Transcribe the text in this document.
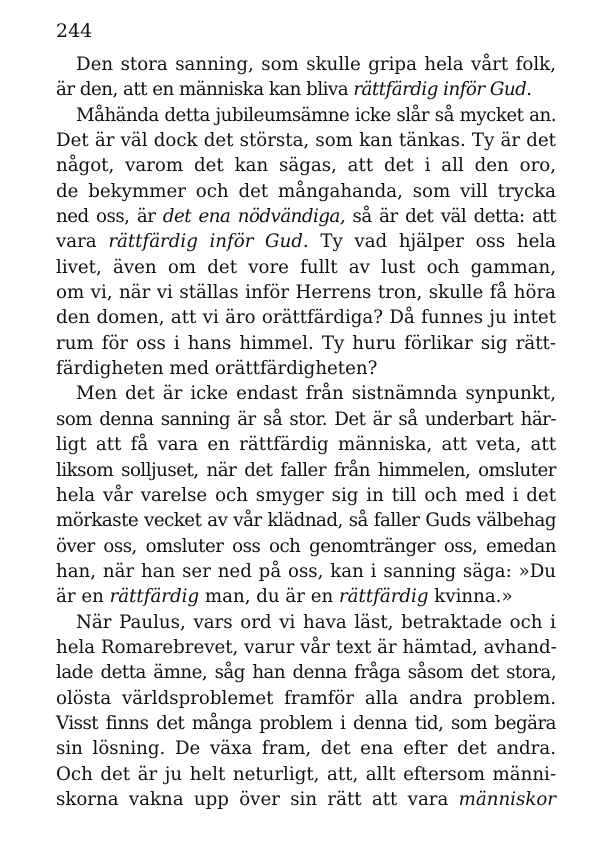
244
Den stora sanning, som skulle gripa hela vårt folk,
är den, att en människa kan bliva rättfärdig inför Gud.
Måhända detta jubileumsämne icke slår så mycket an.
Det är väl dock det största, som kan tänkas. Ty är det
något, varom det kan sägas, att det i all den oro,
de bekymmer och det mångahanda, som vill trycka
ned oss, är det ena nödvändiga, så är det väl detta: att
vara rättfärdig inför Gud. Ty vad hjälper oss hela
livet, även om det vore fullt av lust och gamman,
om vi, när vi ställas inför Herrens tron, skulle få höra
den domen, att vi äro orättfärdiga? Då funnes ju intet
rum för oss i hans himmel. Ty huru förlikar sig rätt-
färdigheten med orättfärdigheten?
Men det är icke endast från sistnämnda synpunkt,
som denna sanning är så stor. Det är så underbart här-
ligt att få vara en rättfärdig människa, att veta, att
liksom solljuset, när det faller från himmelen, omsluter
hela vår varelse och smyger sig in till och med i det
mörkaste vecket av vår klädnad, så faller Guds välbehag
över oss, omsluter oss och genomtränger oss, emedan
han, när han ser ned på oss, kan i sanning säga: »Du
är en rättfärdig man, du är en rättfärdig kvinna.»
När Paulus, vars ord vi hava läst, betraktade och i
hela Romarebrevet, varur vår text är hämtad, avhand-
lade detta ämne, såg han denna fråga såsom det stora,
olösta världsproblemet framför alla andra problem.
Visst finns det många problem i denna tid, som begära
sin lösning. De växa fram, det ena efter det andra.
Och det är ju helt neturligt, att, allt eftersom männi-
skorna vakna upp över sin rätt att vara människor
